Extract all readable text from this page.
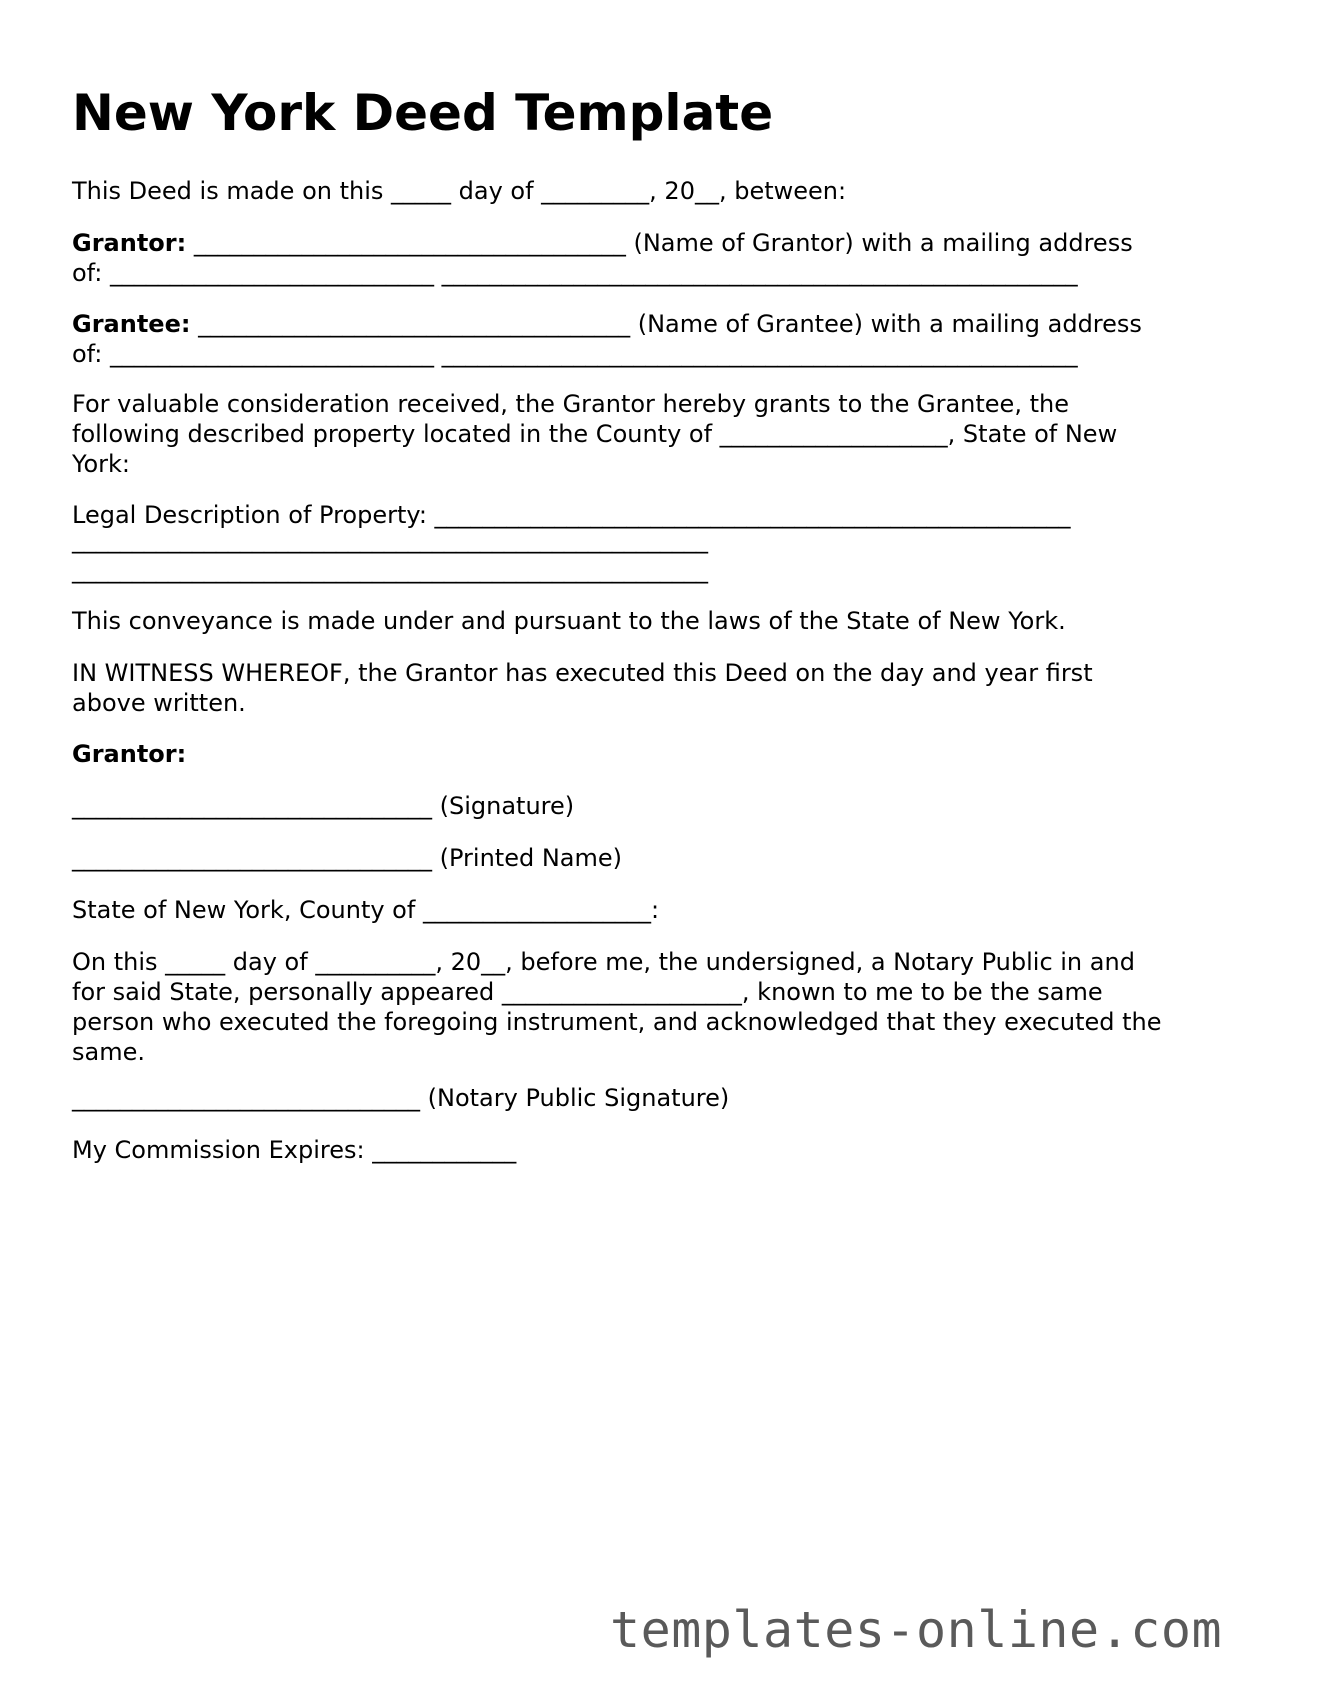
New York Deed Template

This Deed is made on this _____ day of _________, 20__, between:

Grantor: ____________________________________ (Name of Grantor) with a mailing address

of: ___________________________ _____________________________________________________

Grantee: ____________________________________ (Name of Grantee) with a mailing address

of: ___________________________ _____________________________________________________

For valuable consideration received, the Grantor hereby grants to the Grantee, the

following described property located in the County of ___________________, State of New

York:

Legal Description of Property: _____________________________________________________

_____________________________________________________

_____________________________________________________

This conveyance is made under and pursuant to the laws of the State of New York.

IN WITNESS WHEREOF, the Grantor has executed this Deed on the day and year first

above written.

Grantor:

______________________________ (Signature)

______________________________ (Printed Name)

State of New York, County of ___________________:

On this _____ day of __________, 20__, before me, the undersigned, a Notary Public in and

for said State, personally appeared ____________________, known to me to be the same

person who executed the foregoing instrument, and acknowledged that they executed the

same.

_____________________________ (Notary Public Signature)

My Commission Expires: ____________

templates-online.com
